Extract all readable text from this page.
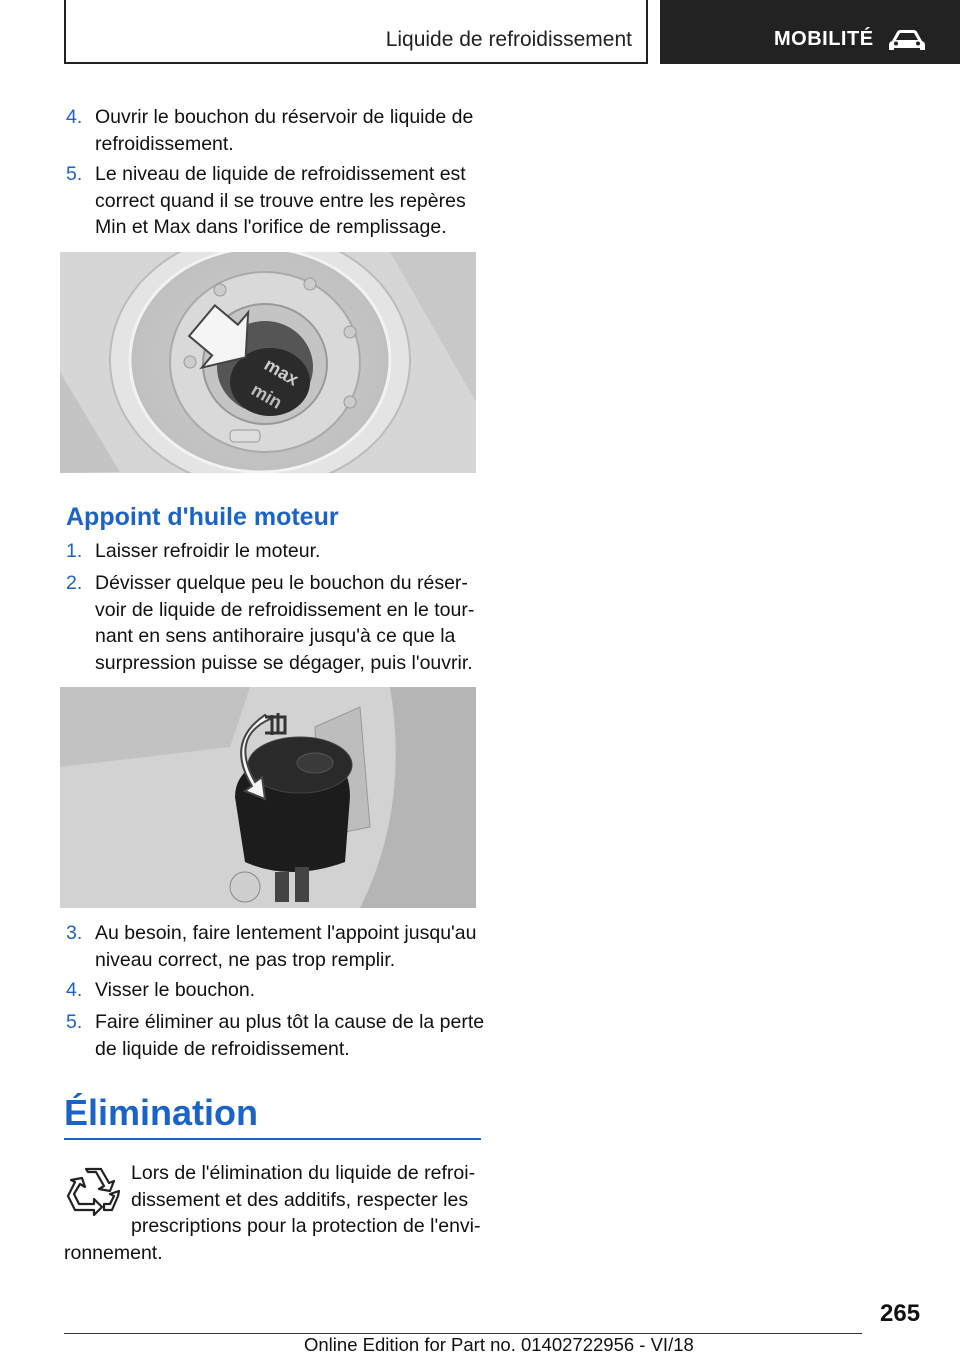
Liquide de refroidissement	MOBILITÉ
4. Ouvrir le bouchon du réservoir de liquide de
refroidissement.
5. Le niveau de liquide de refroidissement est
correct quand il se trouve entre les repères
Min et Max dans l'orifice de remplissage.
min
max
Appoint d'huile moteur
1. Laisser refroidir le moteur.
2. Dévisser quelque peu le bouchon du réser-
voir de liquide de refroidissement en le tour-
nant en sens antihoraire jusqu'à ce que la
surpression puisse se dégager, puis l'ouvrir.
3. Au besoin, faire lentement l'appoint jusqu'au
niveau correct, ne pas trop remplir.
4. Visser le bouchon.
5. Faire éliminer au plus tôt la cause de la perte
de liquide de refroidissement.
Élimination
Lors de l'élimination du liquide de refroi-
dissement et des additifs, respecter les
prescriptions pour la protection de l'envi-
ronnement.
265
Online Edition for Part no. 01402722956 - VI/18
